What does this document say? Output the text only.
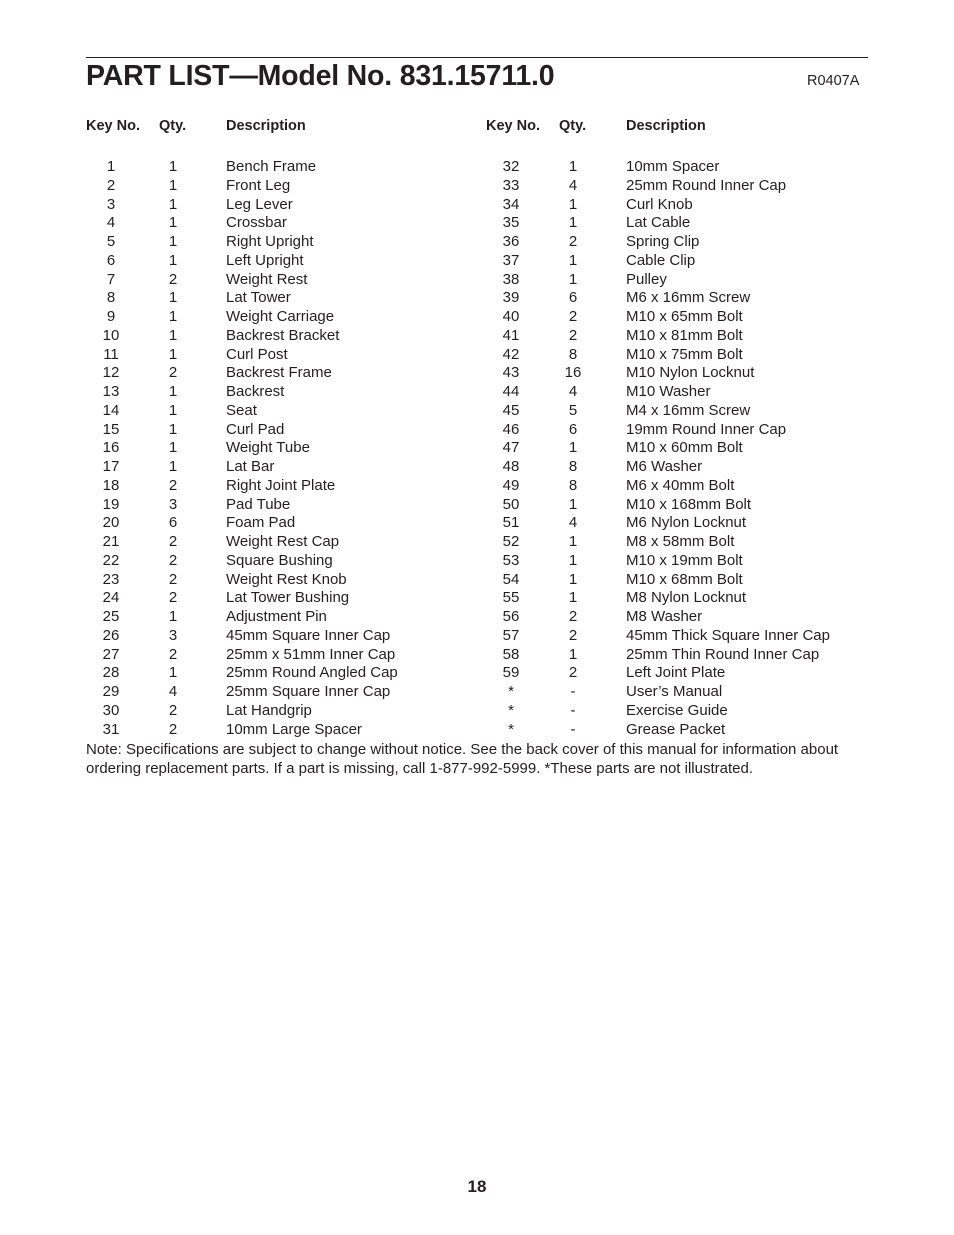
PART LIST—Model No. 831.15711.0	R0407A
Key No. Qty.	Description
1	1	Bench Frame
2	1	Front Leg
3	1	Leg Lever
4	1	Crossbar
5	1	Right Upright
6	1	Left Upright
7	2	Weight Rest
8	1	Lat Tower
9	1	Weight Carriage
10	1	Backrest Bracket
11	1	Curl Post
12	2	Backrest Frame
13	1	Backrest
14	1	Seat
15	1	Curl Pad
16	1	Weight Tube
17	1	Lat Bar
18	2	Right Joint Plate
19	3	Pad Tube
20	6	Foam Pad
21	2	Weight Rest Cap
22	2	Square Bushing
23	2	Weight Rest Knob
24	2	Lat Tower Bushing
25	1	Adjustment Pin
26	3	45mm Square Inner Cap
27	2	25mm x 51mm Inner Cap
28	1	25mm Round Angled Cap
29	4	25mm Square Inner Cap
30	2	Lat Handgrip
31	2	10mm Large Spacer
Key No. Qty.	Description
32	1	10mm Spacer
33	4	25mm Round Inner Cap
34	1	Curl Knob
35	1	Lat Cable
36	2	Spring Clip
37	1	Cable Clip
38	1	Pulley
39	6	M6 x 16mm Screw
40	2	M10 x 65mm Bolt
41	2	M10 x 81mm Bolt
42	8	M10 x 75mm Bolt
43	16	M10 Nylon Locknut
44	4	M10 Washer
45	5	M4 x 16mm Screw
46	6	19mm Round Inner Cap
47	1	M10 x 60mm Bolt
48	8	M6 Washer
49	8	M6 x 40mm Bolt
50	1	M10 x 168mm Bolt
51	4	M6 Nylon Locknut
52	1	M8 x 58mm Bolt
53	1	M10 x 19mm Bolt
54	1	M10 x 68mm Bolt
55	1	M8 Nylon Locknut
56	2	M8 Washer
57	2	45mm Thick Square Inner Cap
58	1	25mm Thin Round Inner Cap
59	2	Left Joint Plate
*	-	User’s Manual
*	-	Exercise Guide
*	-	Grease Packet
Note: Specifications are subject to change without notice. See the back cover of this manual for information about ordering replacement parts. If a part is missing, call 1-877-992-5999. *These parts are not illustrated.
18
